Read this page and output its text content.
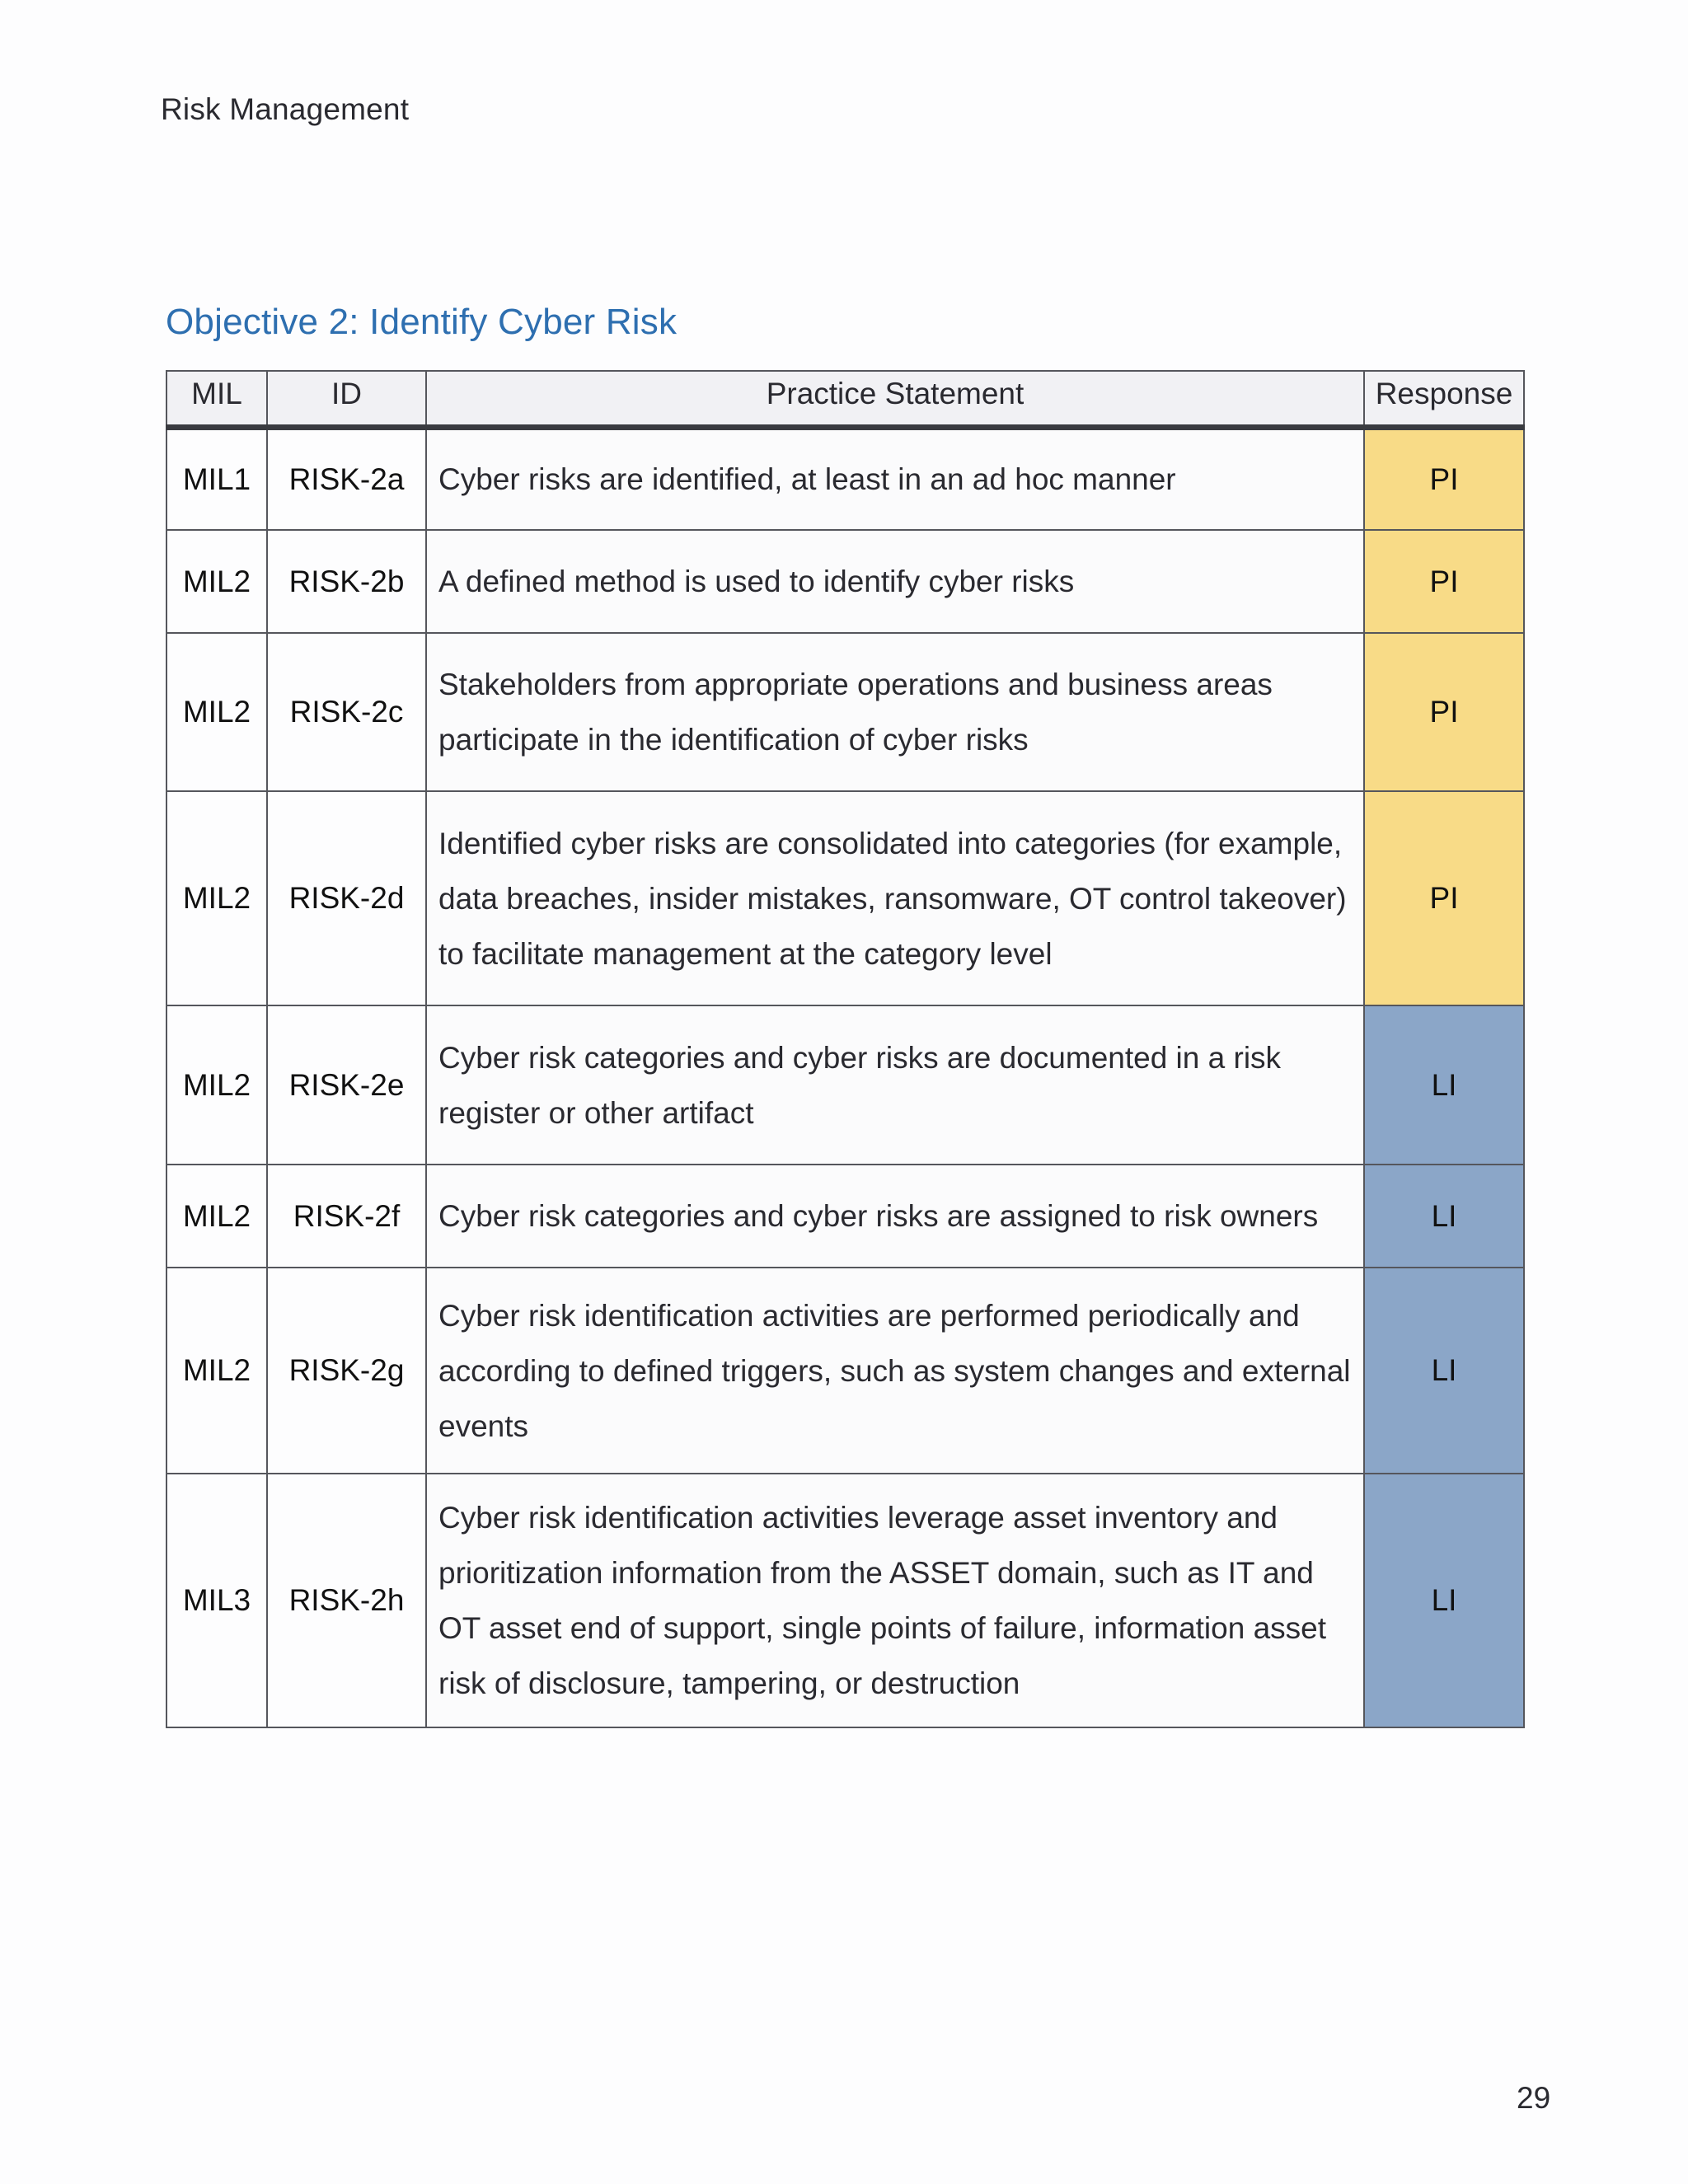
Risk Management
Objective 2: Identify Cyber Risk
MIL	ID	Practice Statement	Response
MIL1	RISK-2a	Cyber risks are identified, at least in an ad hoc manner	PI
MIL2	RISK-2b	A defined method is used to identify cyber risks	PI
MIL2	RISK-2c	Stakeholders from appropriate operations and business areas participate in the identification of cyber risks	PI
MIL2	RISK-2d	Identified cyber risks are consolidated into categories (for example, data breaches, insider mistakes, ransomware, OT control takeover) to facilitate management at the category level	PI
MIL2	RISK-2e	Cyber risk categories and cyber risks are documented in a risk register or other artifact	LI
MIL2	RISK-2f	Cyber risk categories and cyber risks are assigned to risk owners	LI
MIL2	RISK-2g	Cyber risk identification activities are performed periodically and according to defined triggers, such as system changes and external events	LI
MIL3	RISK-2h	Cyber risk identification activities leverage asset inventory and prioritization information from the ASSET domain, such as IT and OT asset end of support, single points of failure, information asset risk of disclosure, tampering, or destruction	LI
29
